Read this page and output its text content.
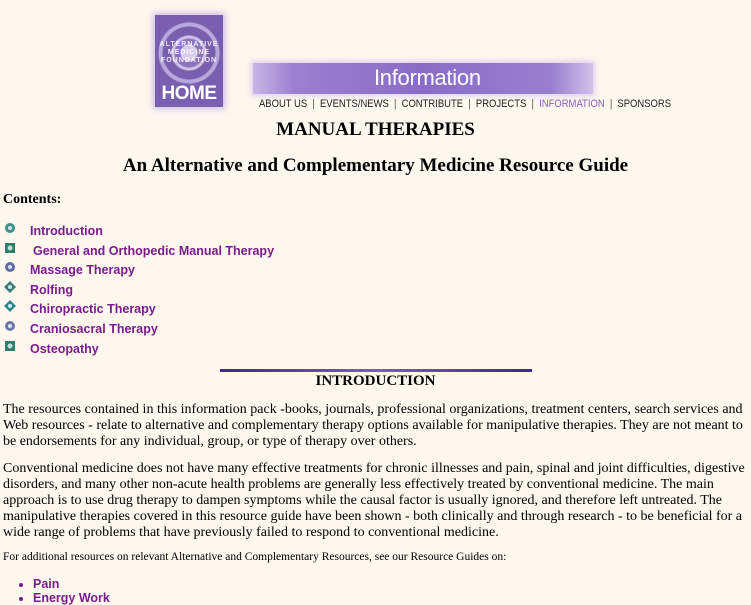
ALTERNATIVE MEDICINE FOUNDATION
HOME
Information
ABOUT US | EVENTS/NEWS | CONTRIBUTE | PROJECTS | INFORMATION | SPONSORS
MANUAL THERAPIES
An Alternative and Complementary Medicine Resource Guide
Contents:
Introduction
General and Orthopedic Manual Therapy
Massage Therapy
Rolfing
Chiropractic Therapy
Craniosacral Therapy
Osteopathy
INTRODUCTION

The resources contained in this information pack -books, journals, professional organizations, treatment centers, search services and Web resources - relate to alternative and complementary therapy options available for manipulative therapies. They are not meant to be endorsements for any individual, group, or type of therapy over others.

Conventional medicine does not have many effective treatments for chronic illnesses and pain, spinal and joint difficulties, digestive disorders, and many other non-acute health problems are generally less effectively treated by conventional medicine. The main approach is to use drug therapy to dampen symptoms while the causal factor is usually ignored, and therefore left untreated. The manipulative therapies covered in this resource guide have been shown - both clinically and through research - to be beneficial for a wide range of problems that have previously failed to respond to conventional medicine.

For additional resources on relevant Alternative and Complementary Resources, see our Resource Guides on:
• Pain
• Energy Work
